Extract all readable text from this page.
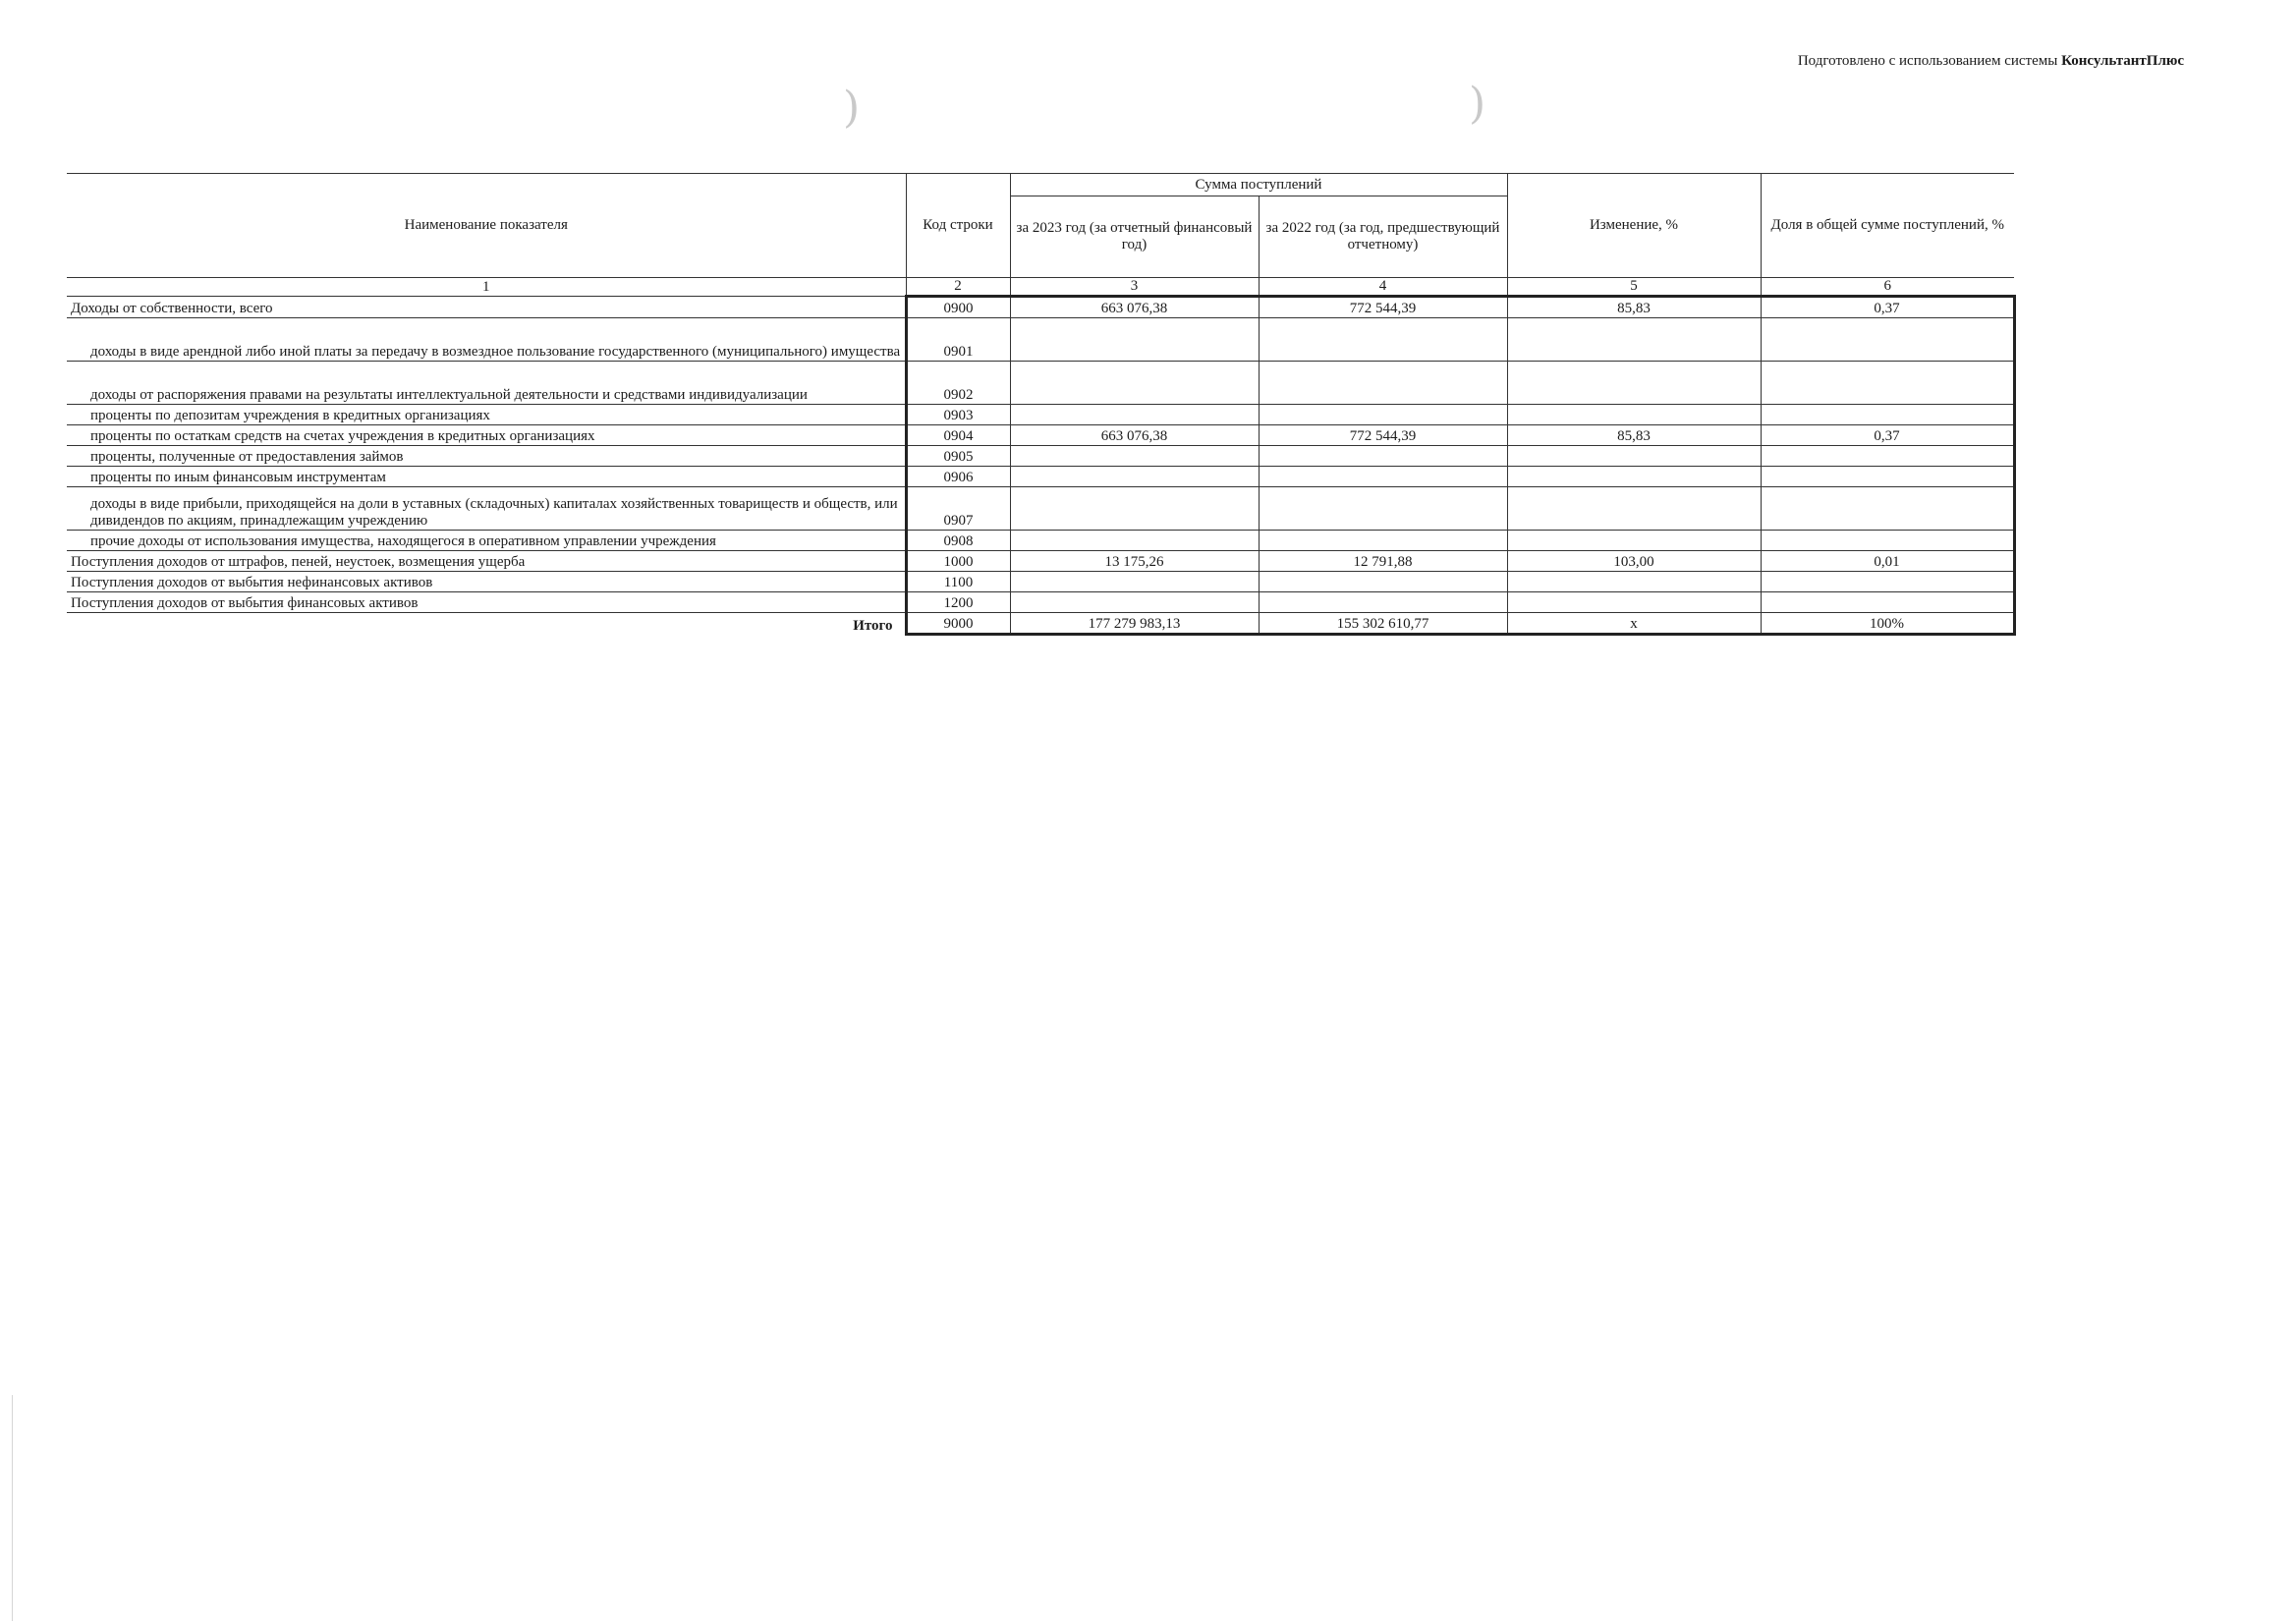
Подготовлено с использованием системы КонсультантПлюс
)	)
Наименование показателя	Код строки	Сумма поступлений		Изменение, %	Доля в общей сумме поступлений, %
		за 2023 год (за отчетный финансовый год)	за 2022 год (за год, предшествующий отчетному)		
1	2	3	4	5	6
Доходы от собственности, всего	0900	663 076,38	772 544,39	85,83	0,37
доходы в виде арендной либо иной платы за передачу в возмездное пользование государственного (муниципального) имущества	0901				
доходы от распоряжения правами на результаты интеллектуальной деятельности и средствами индивидуализации	0902				
проценты по депозитам учреждения в кредитных организациях	0903				
проценты по остаткам средств на счетах учреждения в кредитных организациях	0904	663 076,38	772 544,39	85,83	0,37
проценты, полученные от предоставления займов	0905				
проценты по иным финансовым инструментам	0906				
доходы в виде прибыли, приходящейся на доли в уставных (складочных) капиталах хозяйственных товариществ и обществ, или дивидендов по акциям, принадлежащим учреждению	0907				
прочие доходы от использования имущества, находящегося в оперативном управлении учреждения	0908				
Поступления доходов от штрафов, пеней, неустоек, возмещения ущерба	1000	13 175,26	12 791,88	103,00	0,01
Поступления доходов от выбытия нефинансовых активов	1100				
Поступления доходов от выбытия финансовых активов	1200				
Итого	9000	177 279 983,13	155 302 610,77	x	100%
